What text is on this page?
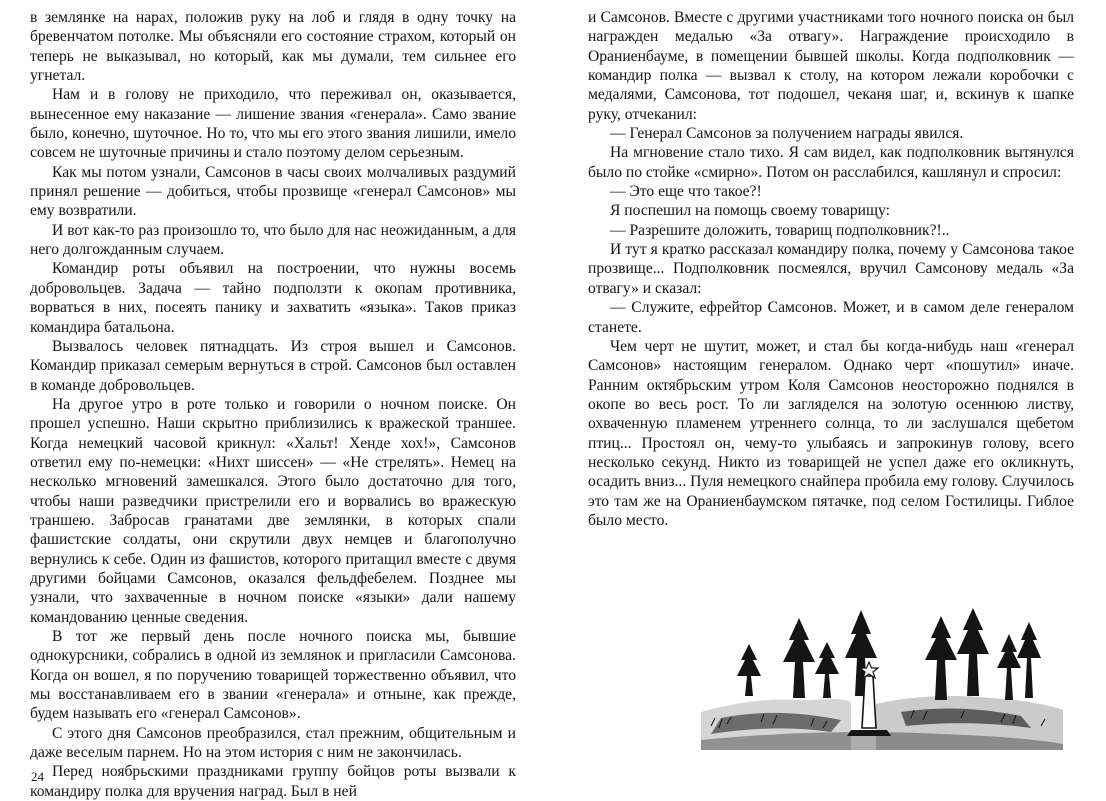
в землянке на нарах, положив руку на лоб и глядя в одну точку на бревенчатом потолке. Мы объясняли его состояние страхом, который он теперь не выказывал, но который, как мы думали, тем сильнее его угнетал.

Нам и в голову не приходило, что переживал он, оказывается, вынесенное ему наказание — лишение звания «генерала». Само звание было, конечно, шуточное. Но то, что мы его этого звания лишили, имело совсем не шуточные причины и стало поэтому делом серьезным.

Как мы потом узнали, Самсонов в часы своих молчаливых раздумий принял решение — добиться, чтобы прозвище «генерал Самсонов» мы ему возвратили.

И вот как-то раз произошло то, что было для нас неожиданным, а для него долгожданным случаем.

Командир роты объявил на построении, что нужны восемь добровольцев. Задача — тайно подползти к окопам противника, ворваться в них, посеять панику и захватить «языка». Таков приказ командира батальона.

Вызвалось человек пятнадцать. Из строя вышел и Самсонов. Командир приказал семерым вернуться в строй. Самсонов был оставлен в команде добровольцев.

На другое утро в роте только и говорили о ночном поиске. Он прошел успешно. Наши скрытно приблизились к вражеской траншее. Когда немецкий часовой крикнул: «Хальт! Хенде хох!», Самсонов ответил ему по-немецки: «Нихт шиссен» — «Не стрелять». Немец на несколько мгновений замешкался. Этого было достаточно для того, чтобы наши разведчики пристрелили его и ворвались во вражескую траншею. Забросав гранатами две землянки, в которых спали фашистские солдаты, они скрутили двух немцев и благополучно вернулись к себе. Один из фашистов, которого притащил вместе с двумя другими бойцами Самсонов, оказался фельдфебелем. Позднее мы узнали, что захваченные в ночном поиске «языки» дали нашему командованию ценные сведения.

В тот же первый день после ночного поиска мы, бывшие однокурсники, собрались в одной из землянок и пригласили Самсонова. Когда он вошел, я по поручению товарищей торжественно объявил, что мы восстанавливаем его в звании «генерала» и отныне, как прежде, будем называть его «генерал Самсонов».

С этого дня Самсонов преобразился, стал прежним, общительным и даже веселым парнем. Но на этом история с ним не закончилась.

Перед ноябрьскими праздниками группу бойцов роты вызвали к командиру полка для вручения наград. Был в ней

24

и Самсонов. Вместе с другими участниками того ночного поиска он был награжден медалью «За отвагу». Награждение происходило в Ораниенбауме, в помещении бывшей школы. Когда подполковник — командир полка — вызвал к столу, на котором лежали коробочки с медалями, Самсонова, тот подошел, чеканя шаг, и, вскинув к шапке руку, отчеканил:

— Генерал Самсонов за получением награды явился.

На мгновение стало тихо. Я сам видел, как подполковник вытянулся было по стойке «смирно». Потом он расслабился, кашлянул и спросил:

— Это еще что такое?!

Я поспешил на помощь своему товарищу:

— Разрешите доложить, товарищ подполковник?!..

И тут я кратко рассказал командиру полка, почему у Самсонова такое прозвище... Подполковник посмеялся, вручил Самсонову медаль «За отвагу» и сказал:

— Служите, ефрейтор Самсонов. Может, и в самом деле генералом станете.

Чем черт не шутит, может, и стал бы когда-нибудь наш «генерал Самсонов» настоящим генералом. Однако черт «пошутил» иначе. Ранним октябрьским утром Коля Самсонов неосторожно поднялся в окопе во весь рост. То ли загляделся на золотую осеннюю листву, охваченную пламенем утреннего солнца, то ли заслушался щебетом птиц... Простоял он, чему-то улыбаясь и запрокинув голову, всего несколько секунд. Никто из товарищей не успел даже его окликнуть, осадить вниз... Пуля немецкого снайпера пробила ему голову. Случилось это там же на Ораниенбаумском пятачке, под селом Гостилицы. Гиблое было место.
